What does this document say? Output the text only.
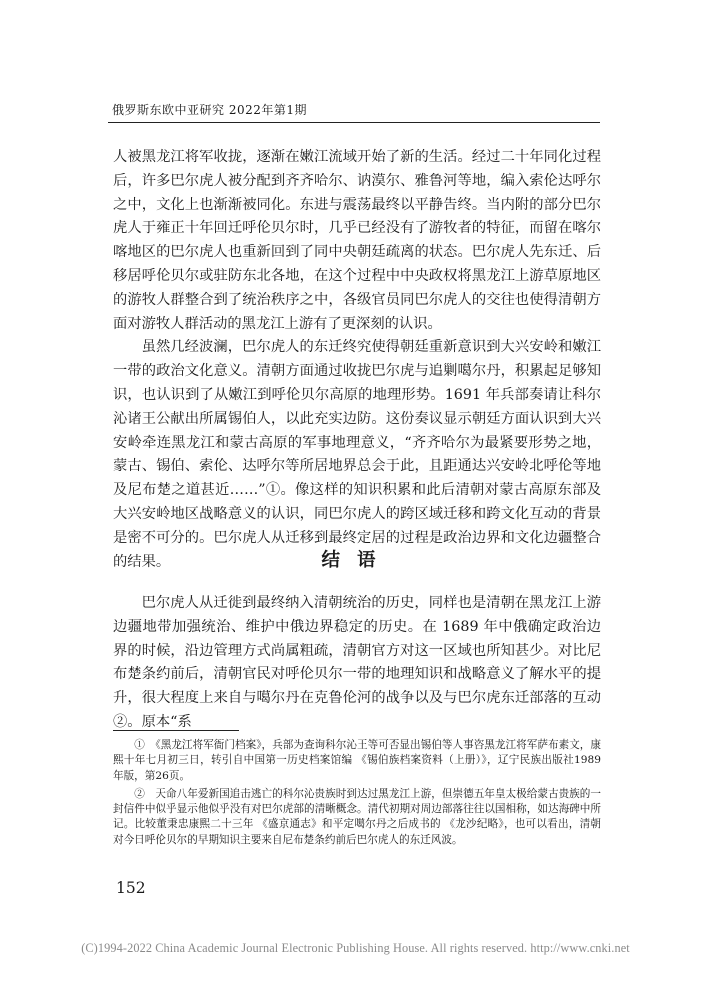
俄罗斯东欧中亚研究 2022年第1期

人被黑龙江将军收拢，逐渐在嫩江流域开始了新的生活。经过二十年同化过程后，许多巴尔虎人被分配到齐齐哈尔、讷漠尔、雅鲁河等地，编入索伦达呼尔之中，文化上也渐渐被同化。东进与震荡最终以平静告终。当内附的部分巴尔虎人于雍正十年回迁呼伦贝尔时，几乎已经没有了游牧者的特征，而留在喀尔喀地区的巴尔虎人也重新回到了同中央朝廷疏离的状态。巴尔虎人先东迁、后移居呼伦贝尔或驻防东北各地，在这个过程中中央政权将黑龙江上游草原地区的游牧人群整合到了统治秩序之中，各级官员同巴尔虎人的交往也使得清朝方面对游牧人群活动的黑龙江上游有了更深刻的认识。

虽然几经波澜，巴尔虎人的东迁终究使得朝廷重新意识到大兴安岭和嫩江一带的政治文化意义。清朝方面通过收拢巴尔虎与追剿噶尔丹，积累起足够知识，也认识到了从嫩江到呼伦贝尔高原的地理形势。1691 年兵部奏请让科尔沁诸王公献出所属锡伯人，以此充实边防。这份奏议显示朝廷方面认识到大兴安岭牵连黑龙江和蒙古高原的军事地理意义，“齐齐哈尔为最紧要形势之地，蒙古、锡伯、索伦、达呼尔等所居地界总会于此，且距通达兴安岭北呼伦等地及尼布楚之道甚近……”①。像这样的知识积累和此后清朝对蒙古高原东部及大兴安岭地区战略意义的认识，同巴尔虎人的跨区域迁移和跨文化互动的背景是密不可分的。巴尔虎人从迁移到最终定居的过程是政治边界和文化边疆整合的结果。	结语

巴尔虎人从迁徙到最终纳入清朝统治的历史，同样也是清朝在黑龙江上游边疆地带加强统治、维护中俄边界稳定的历史。在 1689 年中俄确定政治边界的时候，沿边管理方式尚属粗疏，清朝官方对这一区域也所知甚少。对比尼布楚条约前后，清朝官民对呼伦贝尔一带的地理知识和战略意义了解水平的提升，很大程度上来自与噶尔丹在克鲁伦河的战争以及与巴尔虎东迁部落的互动②。原本“系

①　《黑龙江将军衙门档案》，兵部为查询科尔沁王等可否显出锡伯等人事咨黑龙江将军萨布素文，康熙十年七月初三日，转引自中国第一历史档案馆编 《锡伯族档案资料（上册）》，辽宁民族出版社1989 年版，第26页。

②　天命八年爱新国追击逃亡的科尔沁贵族时到达过黑龙江上游，但崇德五年皇太极给蒙古贵族的一封信件中似乎显示他似乎没有对巴尔虎部的清晰概念。清代初期对周边部落往往以国相称，如达海碑中所记。比较董秉忠康熙二十三年 《盛京通志》和平定噶尔丹之后成书的 《龙沙纪略》，也可以看出，清朝对今日呼伦贝尔的早期知识主要来自尼布楚条约前后巴尔虎人的东迁风波。

152
(C)1994-2022 China Academic Journal Electronic Publishing House. All rights reserved. http://www.cnki.net
